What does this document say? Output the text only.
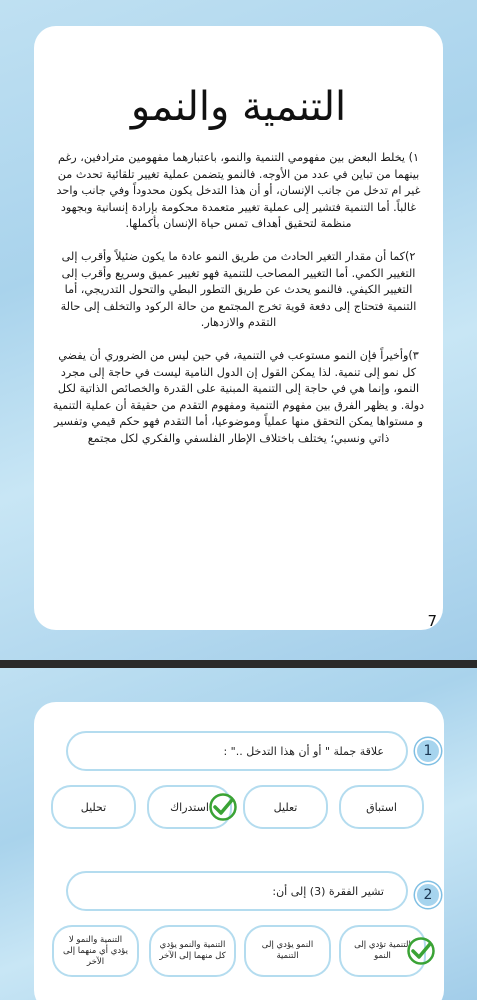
التنمية والنمو

١) يخلط البعض بين مفهومي التنمية والنمو، باعتبارهما مفهومين مترادفين، رغم بينهما من تباين في عدد من الأوجه. فالنمو يتضمن عملية تغيير تلقائية تحدث من غير ام تدخل من جانب الإنسان، أو أن هذا التدخل يكون محدوداً وفي جانب واحد غالباً. أما التنمية فتشير إلى عملية تغيير متعمدة محكومة بإرادة إنسانية وبجهود منظمة لتحقيق أهداف تمس حياة الإنسان بأكملها.

٢)كما أن مقدار التغير الحادث من طريق النمو عادة ما يكون ضئيلاً وأقرب إلى التغيير الكمي. أما التغيير المصاحب للتنمية فهو تغيير عميق وسريع وأقرب إلى التغيير الكيفي. فالنمو يحدث عن طريق التطور البطي والتحول التدريجي، أما التنمية فتحتاج إلى دفعة قوية تخرج المجتمع من حالة الركود والتخلف إلى حالة التقدم والازدهار.

٣)وأخيراً فإن النمو مستوعب في التنمية، في حين ليس من الضروري أن يفضي كل نمو إلى تنمية. لذا يمكن القول إن الدول النامية ليست في حاجة إلى مجرد النمو، وإنما هي في حاجة إلى التنمية المبنية على القدرة والخصائص الذاتية لكل دولة. و يظهر الفرق بين مفهوم التنمية ومفهوم التقدم من حقيقة أن عملية التنمية و مستواها يمكن التحقق منها عملياً وموضوعيا، أما التقدم فهو حكم قيمي وتفسير ذاتي ونسبي؛ يختلف باختلاف الإطار الفلسفي والفكري لكل مجتمع

7
علاقة جملة " أو أن هذا التدخل .." :	1
استباق
تعليل
استدراك
تحليل
تشير الفقرة (3) إلى أن:	2
التنمية تؤدي إلى النمو
النمو يؤدي إلى التنمية
التنمية والنمو يؤدي كل منهما إلى الآخر
التنمية والنمو لا يؤدي أي منهما إلى الآخر
